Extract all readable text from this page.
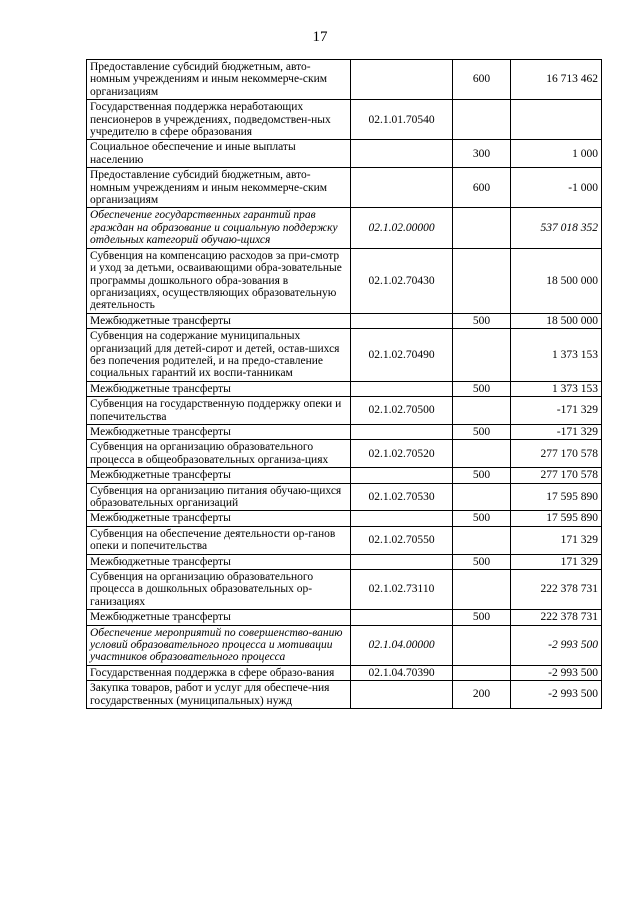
17
Предоставление субсидий бюджетным, авто-номным учреждениям и иным некоммерче-ским организациям		600	16 713 462
Государственная поддержка неработающих пенсионеров в учреждениях, подведомствен-ных учредителю в сфере образования	02.1.01.70540		
Социальное обеспечение и иные выплаты населению		300	1 000
Предоставление субсидий бюджетным, авто-номным учреждениям и иным некоммерче-ским организациям		600	-1 000
Обеспечение государственных гарантий прав граждан на образование и социальную поддержку отдельных категорий обучаю-щихся	02.1.02.00000		537 018 352
Субвенция на компенсацию расходов за при-смотр и уход за детьми, осваивающими обра-зовательные программы дошкольного обра-зования в организациях, осуществляющих образовательную деятельность	02.1.02.70430		18 500 000
Межбюджетные трансферты		500	18 500 000
Субвенция на содержание муниципальных организаций для детей-сирот и детей, остав-шихся без попечения родителей, и на предо-ставление социальных гарантий их воспи-танникам	02.1.02.70490		1 373 153
Межбюджетные трансферты		500	1 373 153
Субвенция на государственную поддержку опеки и попечительства	02.1.02.70500		-171 329
Межбюджетные трансферты		500	-171 329
Субвенция на организацию образовательного процесса в общеобразовательных организа-циях	02.1.02.70520		277 170 578
Межбюджетные трансферты		500	277 170 578
Субвенция на организацию питания обучаю-щихся образовательных организаций	02.1.02.70530		17 595 890
Межбюджетные трансферты		500	17 595 890
Субвенция на обеспечение деятельности ор-ганов опеки и попечительства	02.1.02.70550		171 329
Межбюджетные трансферты		500	171 329
Субвенция на организацию образовательного процесса в дошкольных образовательных ор-ганизациях	02.1.02.73110		222 378 731
Межбюджетные трансферты		500	222 378 731
Обеспечение мероприятий по совершенство-ванию условий образовательного процесса и мотивации участников образовательного процесса	02.1.04.00000		-2 993 500
Государственная поддержка в сфере образо-вания	02.1.04.70390		-2 993 500
Закупка товаров, работ и услуг для обеспече-ния государственных (муниципальных) нужд		200	-2 993 500
